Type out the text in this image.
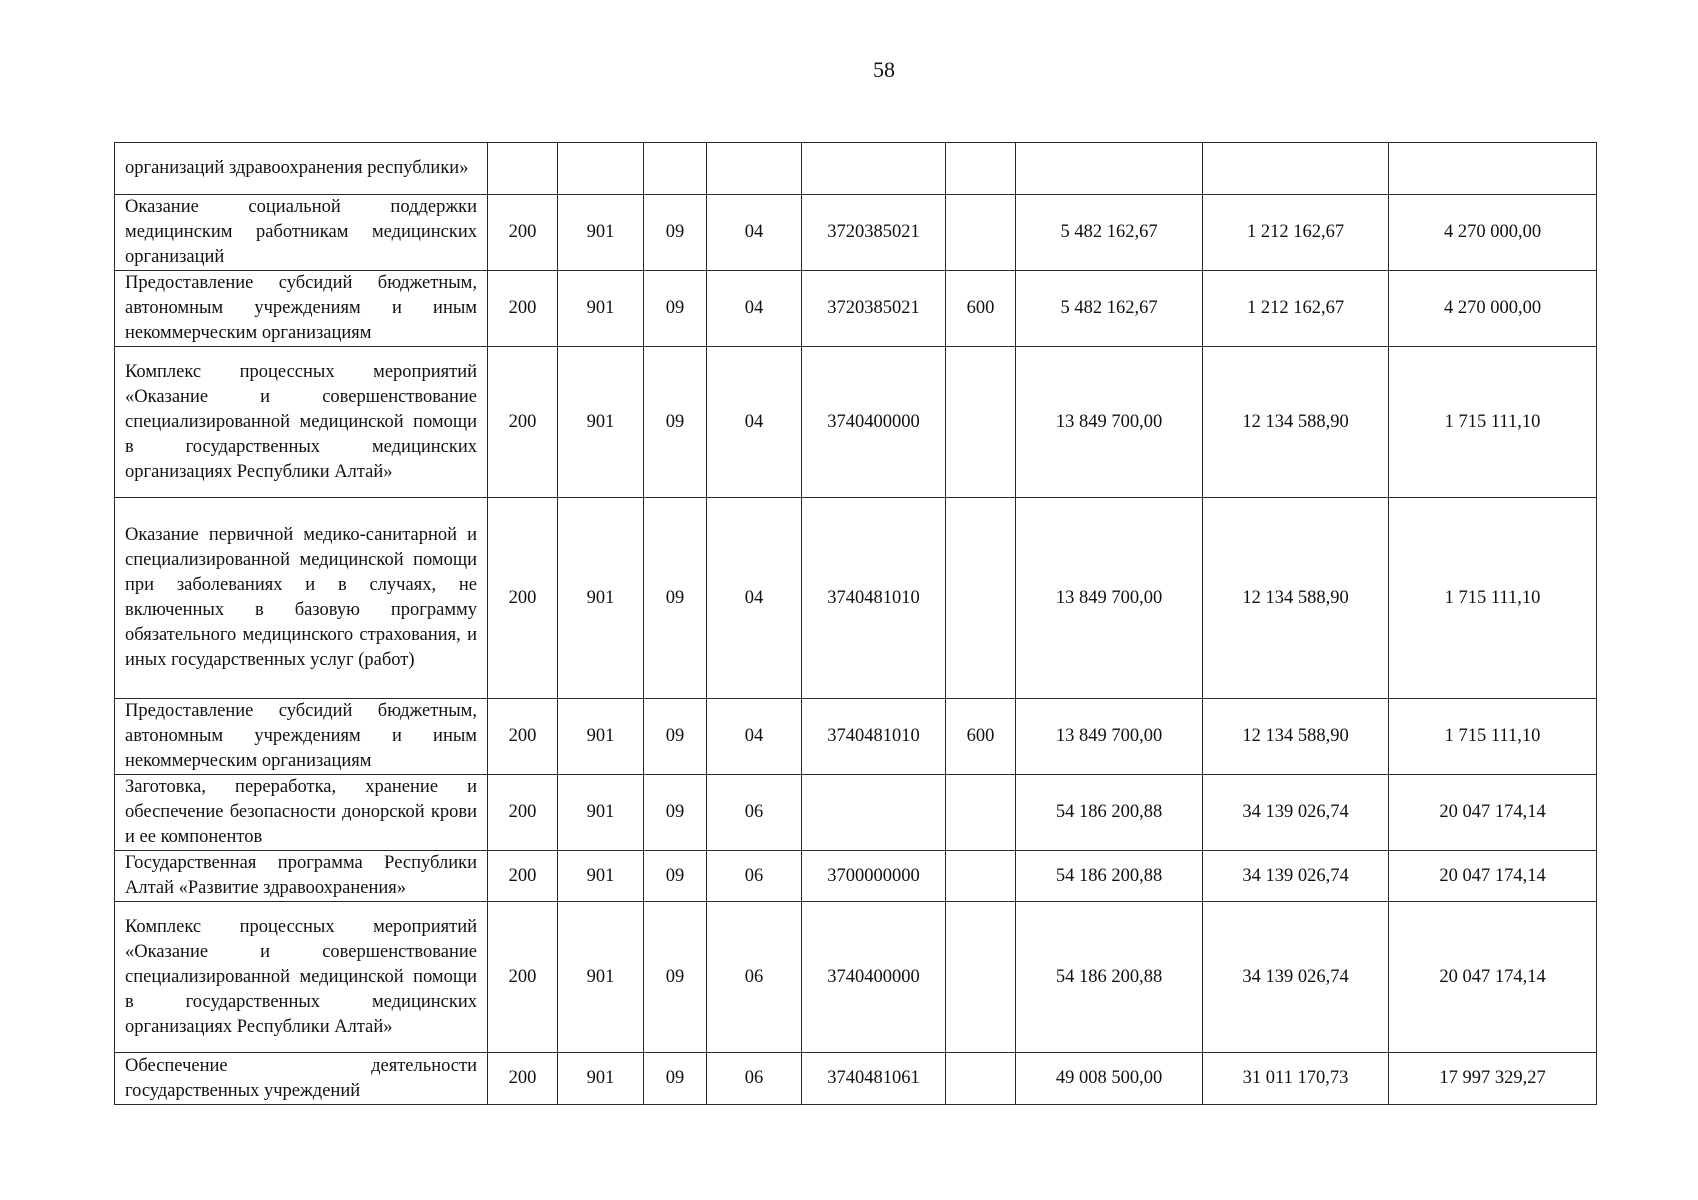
58
организаций здравоохранения республики»									

Оказание социальной поддержки медицинским работникам медицинских организаций	200	901	09	04	3720385021		5 482 162,67	1 212 162,67	4 270 000,00

Предоставление субсидий бюджетным, автономным учреждениям и иным некоммерческим организациям	200	901	09	04	3720385021	600	5 482 162,67	1 212 162,67	4 270 000,00

Комплекс процессных мероприятий «Оказание и совершенствование специализированной медицинской помощи в государственных медицинских организациях Республики Алтай»	200	901	09	04	3740400000		13 849 700,00	12 134 588,90	1 715 111,10

Оказание первичной медико-санитарной и специализированной медицинской помощи при заболеваниях и в случаях, не включенных в базовую программу обязательного медицинского страхования, и иных государственных услуг (работ)	200	901	09	04	3740481010		13 849 700,00	12 134 588,90	1 715 111,10

Предоставление субсидий бюджетным, автономным учреждениям и иным некоммерческим организациям	200	901	09	04	3740481010	600	13 849 700,00	12 134 588,90	1 715 111,10

Заготовка, переработка, хранение и обеспечение безопасности донорской крови и ее компонентов	200	901	09	06			54 186 200,88	34 139 026,74	20 047 174,14

Государственная программа Республики Алтай «Развитие здравоохранения»	200	901	09	06	3700000000		54 186 200,88	34 139 026,74	20 047 174,14

Комплекс процессных мероприятий «Оказание и совершенствование специализированной медицинской помощи в государственных медицинских организациях Республики Алтай»	200	901	09	06	3740400000		54 186 200,88	34 139 026,74	20 047 174,14

Обеспечение деятельности государственных учреждений	200	901	09	06	3740481061		49 008 500,00	31 011 170,73	17 997 329,27
